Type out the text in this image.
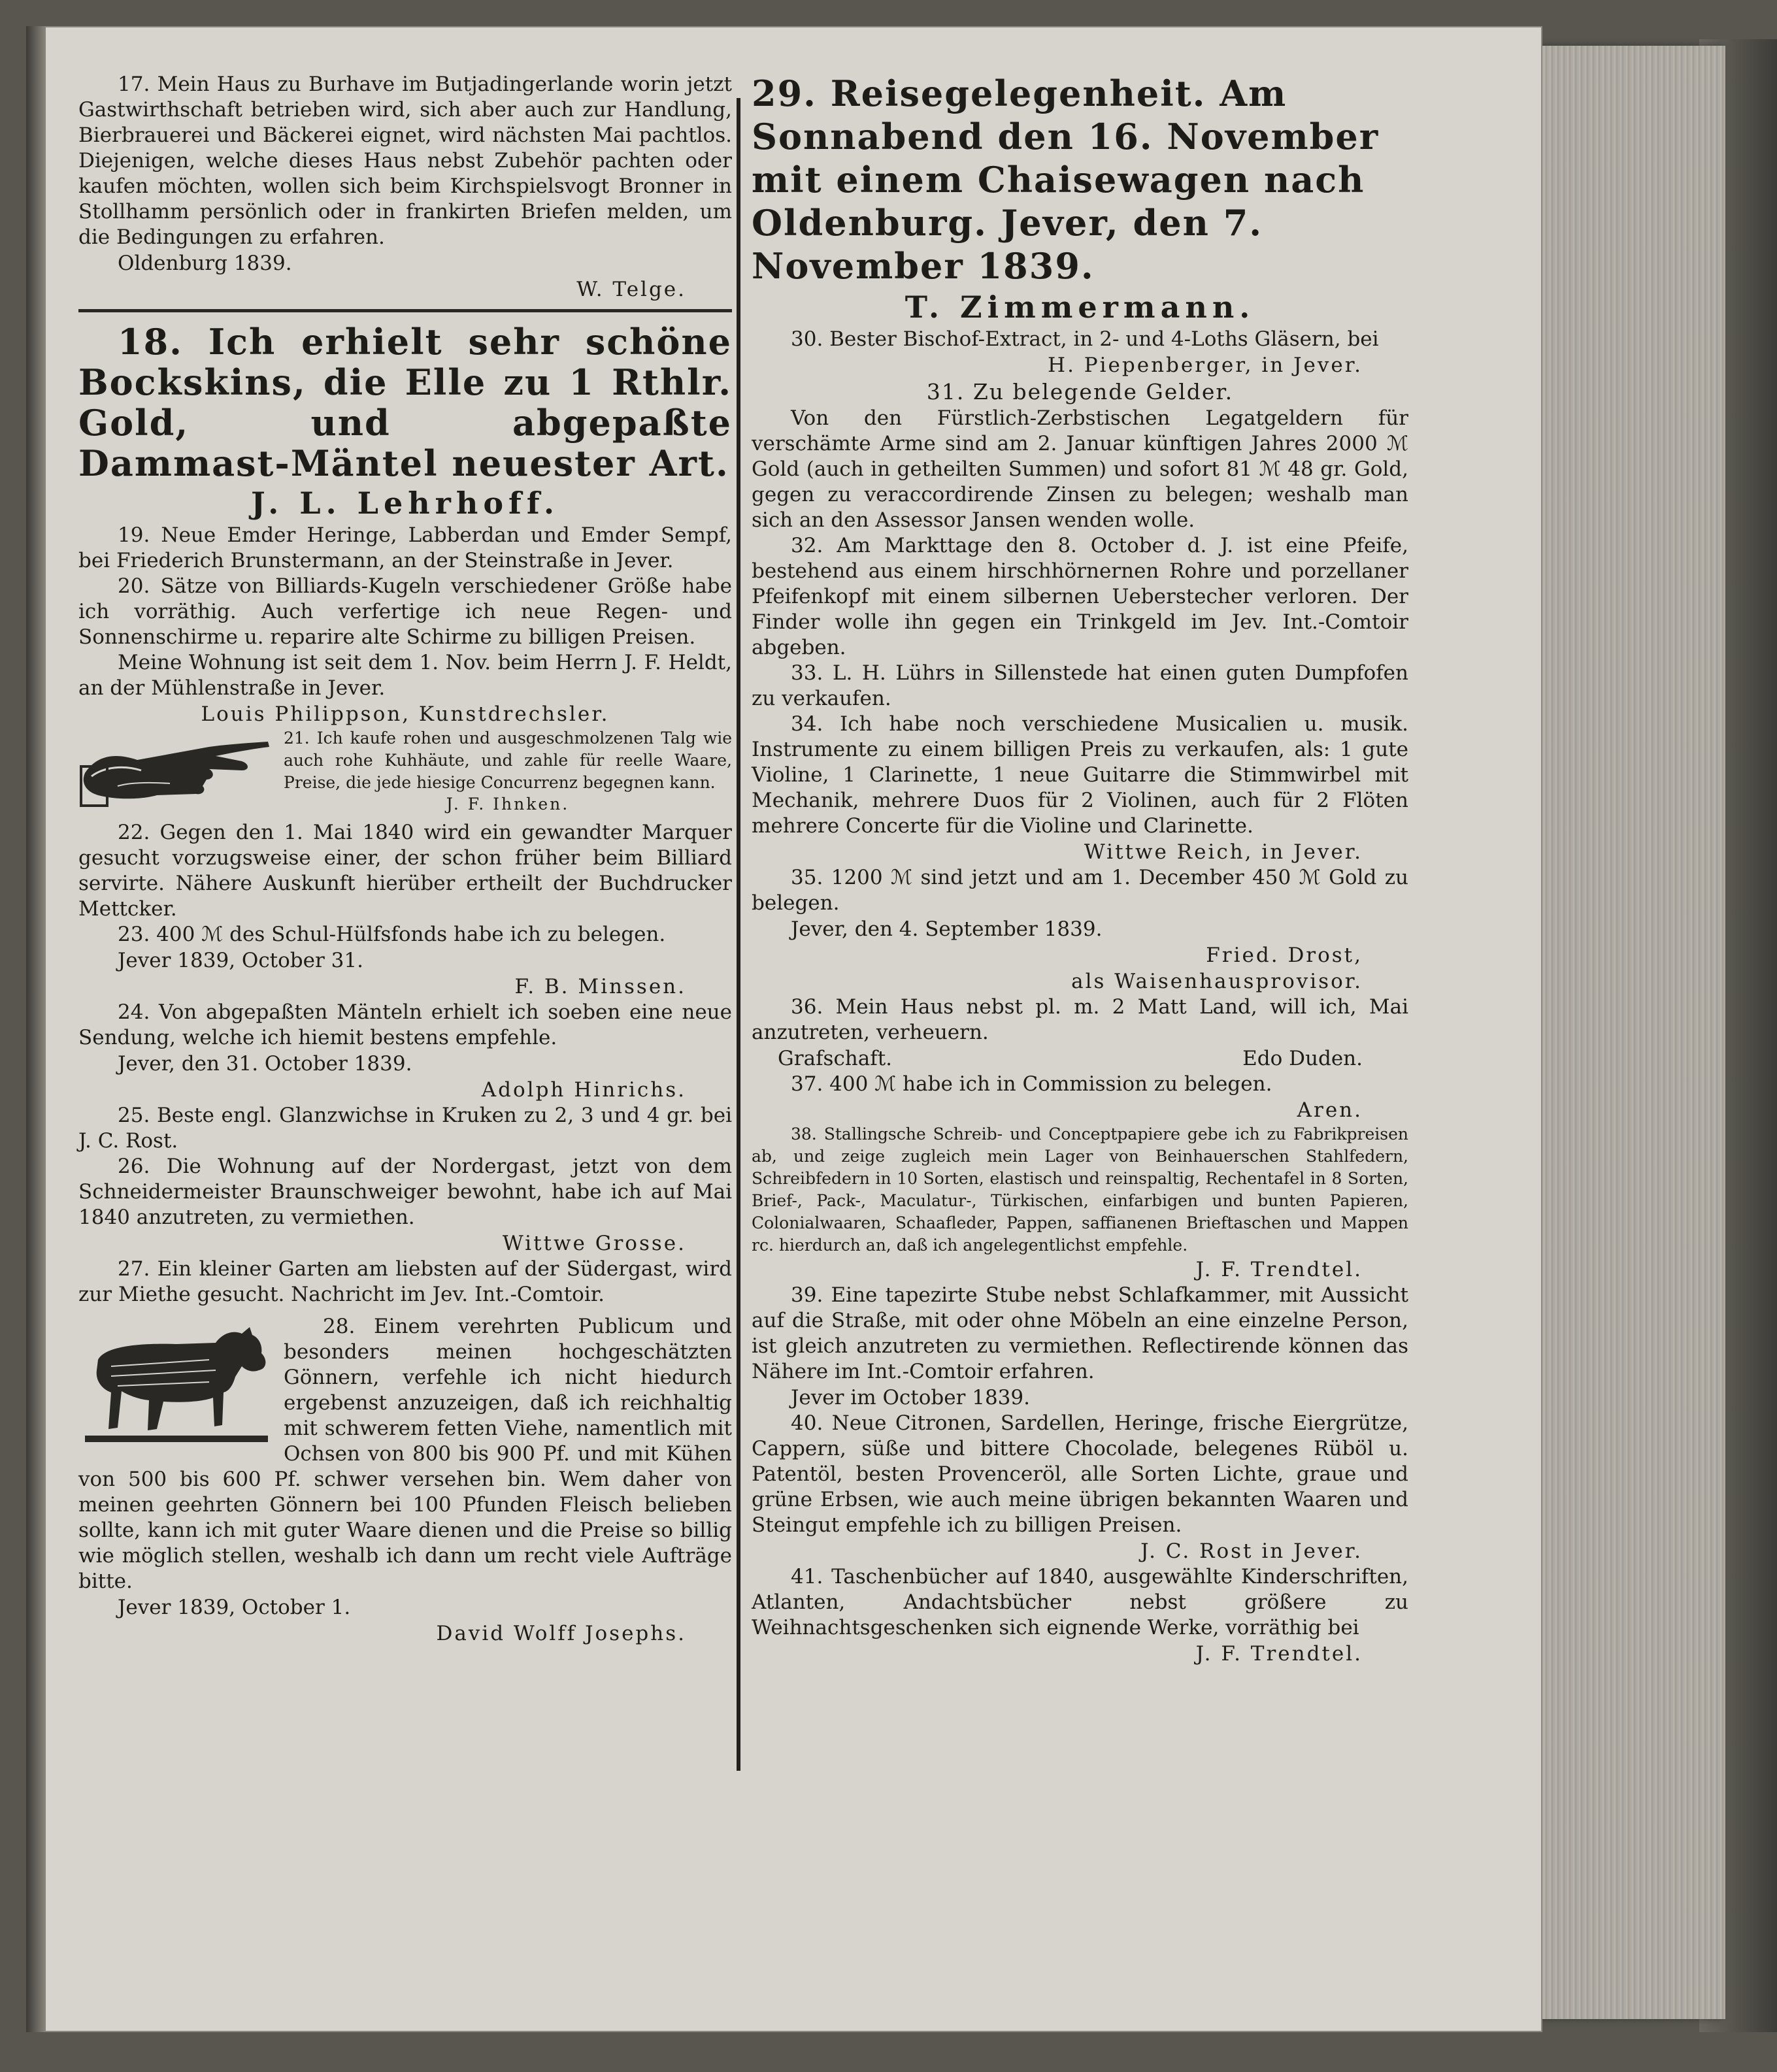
17. Mein Haus zu Burhave im Butjadingerlande worin jetzt Gastwirthschaft betrieben wird, sich aber auch zur Handlung, Bierbrauerei und Bäckerei eignet, wird nächsten Mai pachtlos. Diejenigen, welche dieses Haus nebst Zubehör pachten oder kaufen möchten, wollen sich beim Kirchspielsvogt Bronner in Stollhamm persönlich oder in frankirten Briefen melden, um die Bedingungen zu erfahren.

Oldenburg 1839.
W. Telge.

18. Ich erhielt sehr schöne Bockskins, die Elle zu 1 Rthlr. Gold, und abgepaßte Dammast-Mäntel neuester Art.

J. L. Lehrhoff.

19. Neue Emder Heringe, Labberdan und Emder Sempf, bei Friederich Brunstermann, an der Steinstraße in Jever.

20. Sätze von Billiards-Kugeln verschiedener Größe habe ich vorräthig. Auch verfertige ich neue Regen- und Sonnenschirme u. reparire alte Schirme zu billigen Preisen.

Meine Wohnung ist seit dem 1. Nov. beim Herrn J. F. Heldt, an der Mühlenstraße in Jever.

Louis Philippson, Kunstdrechsler.

21. Ich kaufe rohen und ausgeschmolzenen Talg wie auch rohe Kuhhäute, und zahle für reelle Waare, Preise, die jede hiesige Concurrenz begegnen kann.

J. F. Ihnken.

22. Gegen den 1. Mai 1840 wird ein gewandter Marquer gesucht vorzugsweise einer, der schon früher beim Billiard servirte. Nähere Auskunft hierüber ertheilt der Buchdrucker Mettcker.

23. 400 ℳ des Schul-Hülfsfonds habe ich zu belegen.

Jever 1839, October 31.
F. B. Minssen.

24. Von abgepaßten Mänteln erhielt ich soeben eine neue Sendung, welche ich hiemit bestens empfehle.

Jever, den 31. October 1839.
Adolph Hinrichs.

25. Beste engl. Glanzwichse in Kruken zu 2, 3 und 4 gr. bei J. C. Rost.

26. Die Wohnung auf der Nordergast, jetzt von dem Schneidermeister Braunschweiger bewohnt, habe ich auf Mai 1840 anzutreten, zu vermiethen.

Wittwe Grosse.

27. Ein kleiner Garten am liebsten auf der Südergast, wird zur Miethe gesucht. Nachricht im Jev. Int.-Comtoir.

28. Einem verehrten Publicum und besonders meinen hochgeschätzten Gönnern, verfehle ich nicht hiedurch ergebenst anzuzeigen, daß ich reichhaltig mit schwerem fetten Viehe, namentlich mit Ochsen von 800 bis 900 Pf. und mit Kühen von 500 bis 600 Pf. schwer versehen bin. Wem daher von meinen geehrten Gönnern bei 100 Pfunden Fleisch belieben sollte, kann ich mit guter Waare dienen und die Preise so billig wie möglich stellen, weshalb ich dann um recht viele Aufträge bitte.

Jever 1839, October 1.
David Wolff Josephs.

29. Reisegelegenheit. Am Sonnabend den 16. November mit einem Chaisewagen nach Oldenburg. Jever, den 7. November 1839.

T. Zimmermann.

30. Bester Bischof-Extract, in 2- und 4-Loths Gläsern, bei

H. Piepenberger, in Jever.
31. Zu belegende Gelder.

Von den Fürstlich-Zerbstischen Legatgeldern für verschämte Arme sind am 2. Januar künftigen Jahres 2000 ℳ Gold (auch in getheilten Summen) und sofort 81 ℳ 48 gr. Gold, gegen zu veraccordirende Zinsen zu belegen; weshalb man sich an den Assessor Jansen wenden wolle.

32. Am Markttage den 8. October d. J. ist eine Pfeife, bestehend aus einem hirschhörnernen Rohre und porzellaner Pfeifenkopf mit einem silbernen Ueberstecher verloren. Der Finder wolle ihn gegen ein Trinkgeld im Jev. Int.-Comtoir abgeben.

33. L. H. Lührs in Sillenstede hat einen guten Dumpfofen zu verkaufen.

34. Ich habe noch verschiedene Musicalien u. musik. Instrumente zu einem billigen Preis zu verkaufen, als: 1 gute Violine, 1 Clarinette, 1 neue Guitarre die Stimmwirbel mit Mechanik, mehrere Duos für 2 Violinen, auch für 2 Flöten mehrere Concerte für die Violine und Clarinette.

Wittwe Reich, in Jever.

35. 1200 ℳ sind jetzt und am 1. December 450 ℳ Gold zu belegen.

Jever, den 4. September 1839.
Fried. Drost,
als Waisenhausprovisor.

36. Mein Haus nebst pl. m. 2 Matt Land, will ich, Mai anzutreten, verheuern.

Grafschaft.	Edo Duden.

37. 400 ℳ habe ich in Commission zu belegen.

Aren.

38. Stallingsche Schreib- und Conceptpapiere gebe ich zu Fabrikpreisen ab, und zeige zugleich mein Lager von Beinhauerschen Stahlfedern, Schreibfedern in 10 Sorten, elastisch und reinspaltig, Rechentafel in 8 Sorten, Brief-, Pack-, Maculatur-, Türkischen, einfarbigen und bunten Papieren, Colonialwaaren, Schaafleder, Pappen, saffianenen Brieftaschen und Mappen rc. hierdurch an, daß ich angelegentlichst empfehle.

J. F. Trendtel.

39. Eine tapezirte Stube nebst Schlafkammer, mit Aussicht auf die Straße, mit oder ohne Möbeln an eine einzelne Person, ist gleich anzutreten zu vermiethen. Reflectirende können das Nähere im Int.-Comtoir erfahren.

Jever im October 1839.

40. Neue Citronen, Sardellen, Heringe, frische Eiergrütze, Cappern, süße und bittere Chocolade, belegenes Rüböl u. Patentöl, besten Provenceröl, alle Sorten Lichte, graue und grüne Erbsen, wie auch meine übrigen bekannten Waaren und Steingut empfehle ich zu billigen Preisen.

J. C. Rost in Jever.

41. Taschenbücher auf 1840, ausgewählte Kinderschriften, Atlanten, Andachtsbücher nebst größere zu Weihnachtsgeschenken sich eignende Werke, vorräthig bei

J. F. Trendtel.
